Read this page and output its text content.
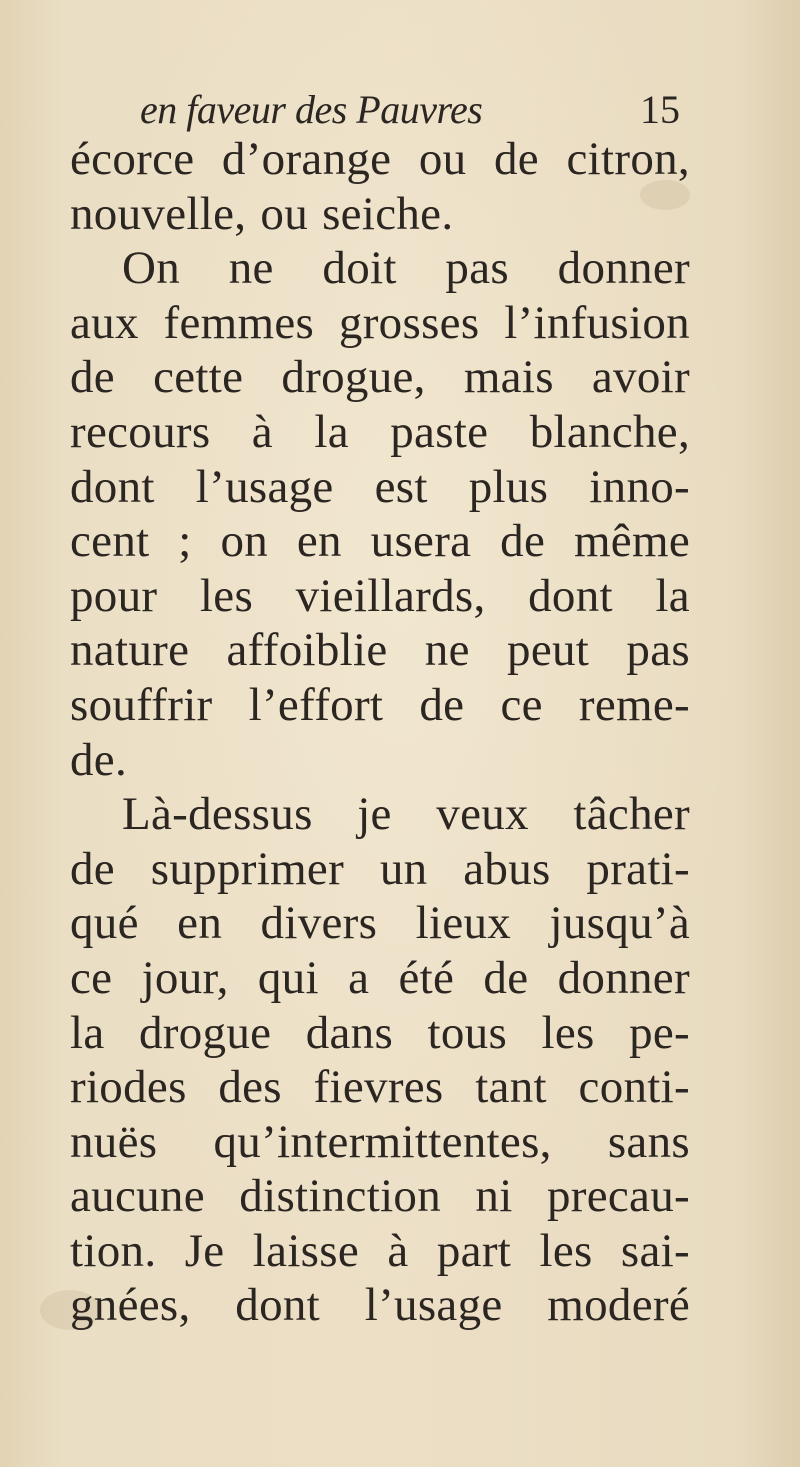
en faveur des Pauvres	15
écorce d’orange ou de citron,
nouvelle, ou seiche.
On ne doit pas donner
aux femmes grosses l’infusion
de cette drogue, mais avoir
recours à la paste blanche,
dont l’usage est plus inno-
cent ; on en usera de même
pour les vieillards, dont la
nature affoiblie ne peut pas
souffrir l’effort de ce reme-
de.
Là-dessus je veux tâcher
de supprimer un abus prati-
qué en divers lieux jusqu’à
ce jour, qui a été de donner
la drogue dans tous les pe-
riodes des fievres tant conti-
nuës qu’intermittentes, sans
aucune distinction ni precau-
tion. Je laisse à part les sai-
gnées, dont l’usage moderé
